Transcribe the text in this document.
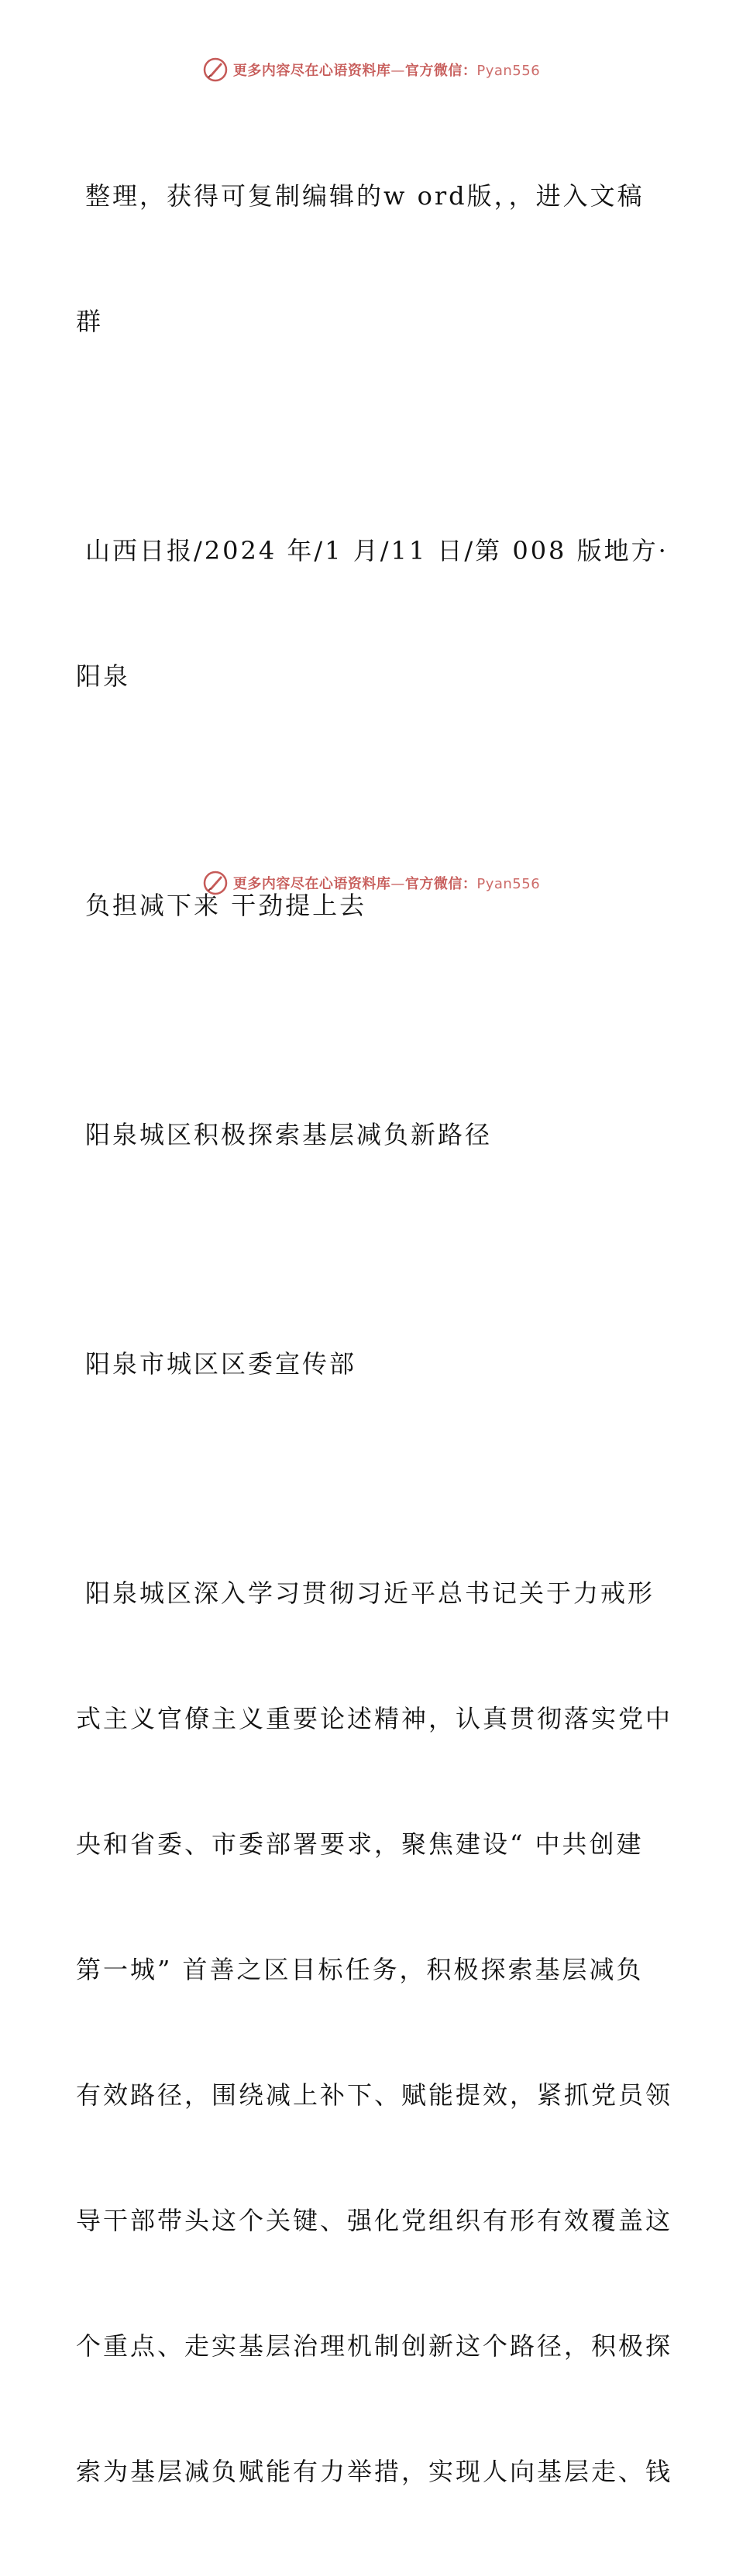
更多内容尽在心语资料库—官方微信：Pyan556

整理，获得可复制编辑的w ord版，，进入文稿

群

山西日报/2024 年/1 月/11 日/第 008 版地方·

阳泉

负担减下来 干劲提上去

阳泉城区积极探索基层减负新路径

阳泉市城区区委宣传部

阳泉城区深入学习贯彻习近平总书记关于力戒形

式主义官僚主义重要论述精神，认真贯彻落实党中

央和省委、市委部署要求，聚焦建设“ 中共创建

第一城” 首善之区目标任务，积极探索基层减负

有效路径，围绕减上补下、赋能提效，紧抓党员领

导干部带头这个关键、强化党组织有形有效覆盖这

个重点、走实基层治理机制创新这个路径，积极探

索为基层减负赋能有力举措，实现人向基层走、钱

更多内容尽在心语资料库—官方微信：Pyan556
